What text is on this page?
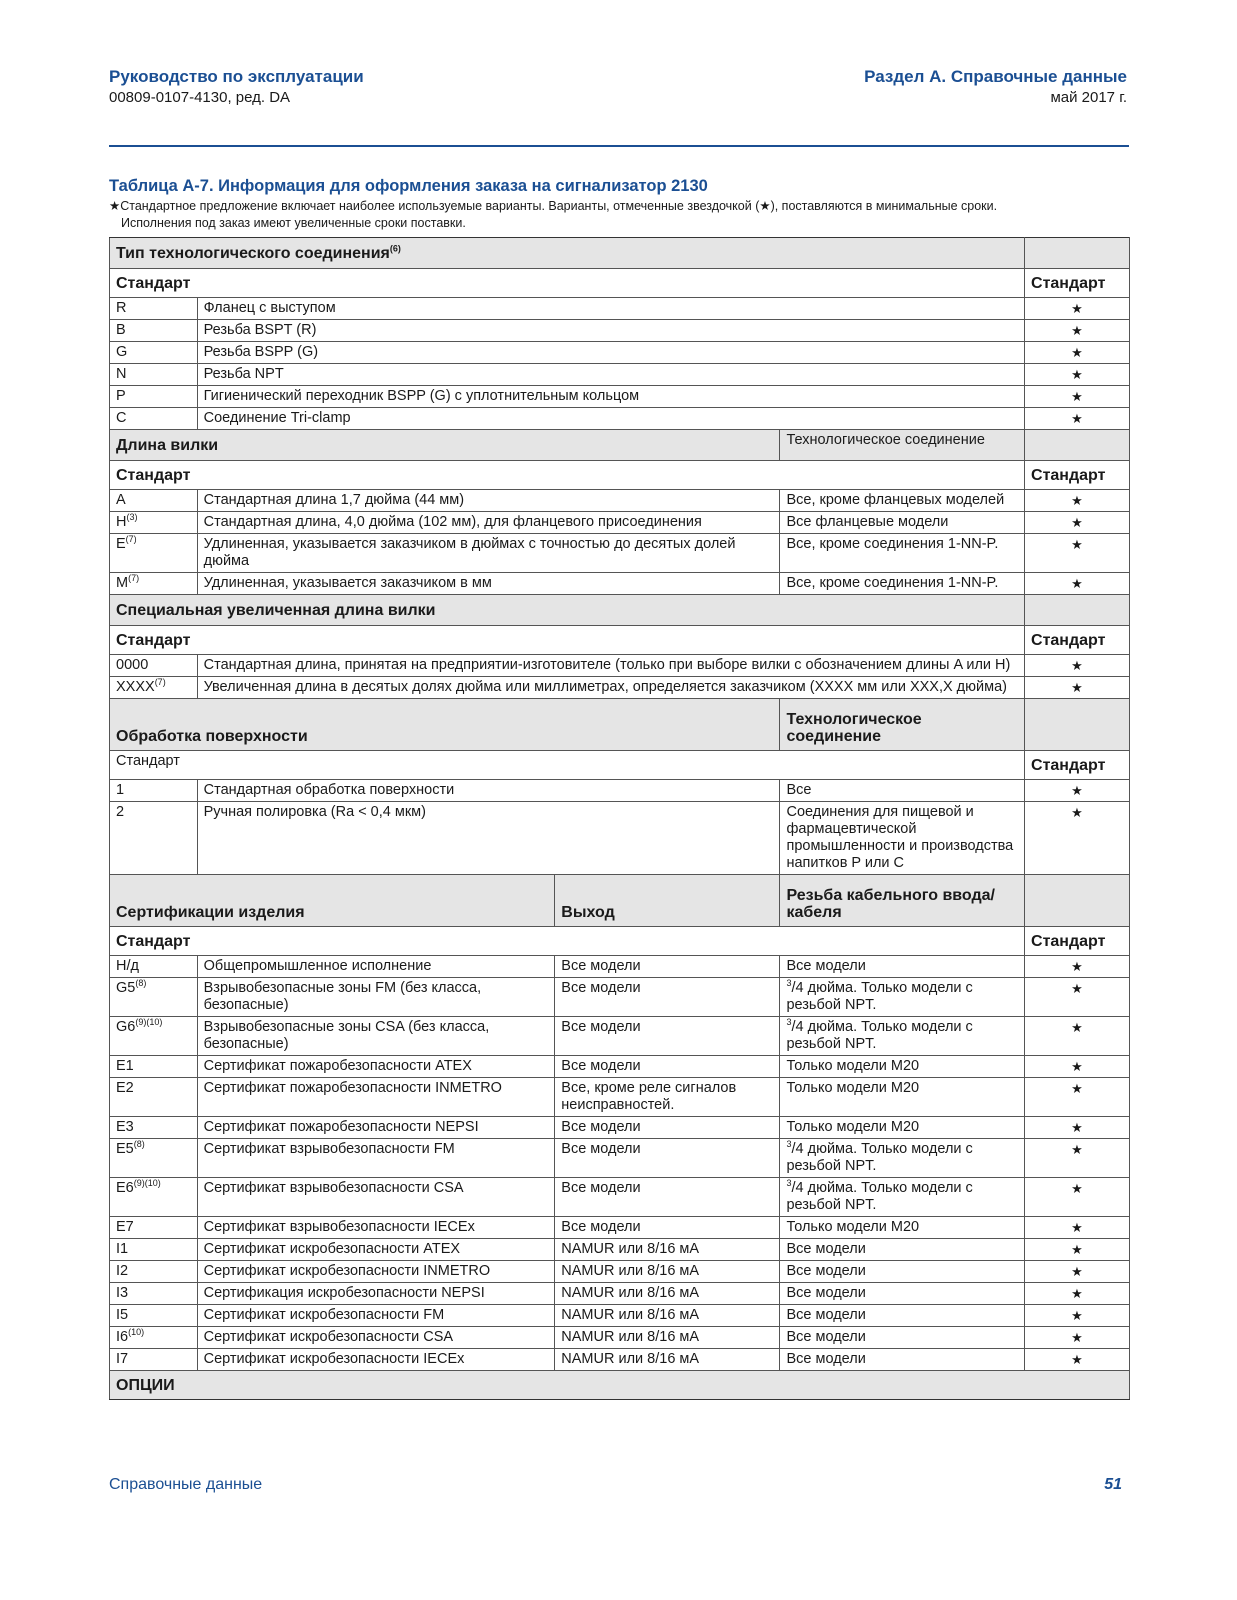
Руководство по эксплуатации
00809-0107-4130, ред. DA
Раздел А. Справочные данные
май 2017 г.
Таблица А-7. Информация для оформления заказа на сигнализатор 2130
★Стандартное предложение включает наиболее используемые варианты. Варианты, отмеченные звездочкой (★), поставляются в минимальные сроки.
Исполнения под заказ имеют увеличенные сроки поставки.
Тип технологического соединения$^{(6)}$	
Стандарт				Стандарт
R	Фланец с выступом			★
B	Резьба BSPT (R)			★
G	Резьба BSPP (G)			★
N	Резьба NPT			★
P	Гигиенический переходник BSPP (G) с уплотнительным кольцом			★
C	Соединение Tri-clamp			★
Длина вилки			Технологическое соединение	
Стандарт				Стандарт
A	Стандартная длина 1,7 дюйма (44 мм)		Все, кроме фланцевых моделей	★
$H^{(3)}$	Стандартная длина, 4,0 дюйма (102 мм), для фланцевого присоединения		Все фланцевые модели	★
$E^{(7)}$	Удлиненная, указывается заказчиком в дюймах с точностью до десятых долей дюйма		Все, кроме соединения 1-NN-P.	★
$M^{(7)}$	Удлиненная, указывается заказчиком в мм		Все, кроме соединения 1-NN-P.	★
Специальная увеличенная длина вилки				
Стандарт				Стандарт
0000	Стандартная длина, принятая на предприятии-изготовителе (только при выборе вилки с обозначением длины A или H)			★
XXXX$^{(7)}$	Увеличенная длина в десятых долях дюйма или миллиметрах, определяется заказчиком (XXXX мм или XXX,X дюйма)			★
Обработка поверхности			Технологическое соединение	
Стандарт				Стандарт
1	Стандартная обработка поверхности		Все	★
2	Ручная полировка (Ra < 0,4 мкм)		Соединения для пищевой и фармацевтической промышленности и производства напитков P или C	★
Сертификации изделия		Выход	Резьба кабельного ввода/кабеля	
Стандарт				Стандарт
Н/д	Общепромышленное исполнение	Все модели	Все модели	★
G5$^{(8)}$	Взрывобезопасные зоны FM (без класса, безопасные)	Все модели	$^3$/4 дюйма. Только модели с резьбой NPT.	★
$G6^{(9)(10)}$	Взрывобезопасные зоны CSA (без класса, безопасные)	Все модели	$^3$/4 дюйма. Только модели с резьбой NPT.	★
E1	Сертификат пожаробезопасности ATEX	Все модели	Только модели М20	★
E2	Сертификат пожаробезопасности INMETRO	Все, кроме реле сигналов неисправностей.	Только модели М20	★
E3	Сертификат пожаробезопасности NEPSI	Все модели	Только модели М20	★
E5$^{(8)}$	Сертификат взрывобезопасности FM	Все модели	$^3$/4 дюйма. Только модели с резьбой NPT.	★
$E6^{(9)(10)}$	Сертификат взрывобезопасности CSA	Все модели	$^3$/4 дюйма. Только модели с резьбой NPT.	★
E7	Сертификат взрывобезопасности IECEx	Все модели	Только модели М20	★
I1	Сертификат искробезопасности ATEX	NAMUR или 8/16 мА	Все модели	★
I2	Сертификат искробезопасности INMETRO	NAMUR или 8/16 мА	Все модели	★
I3	Сертификация искробезопасности NEPSI	NAMUR или 8/16 мА	Все модели	★
I5	Сертификат искробезопасности FM	NAMUR или 8/16 мА	Все модели	★
I6$^{(10)}$	Сертификат искробезопасности CSA	NAMUR или 8/16 мА	Все модели	★
I7	Сертификат искробезопасности IECEx	NAMUR или 8/16 мА	Все модели	★
ОПЦИИ				
Справочные данные	51
